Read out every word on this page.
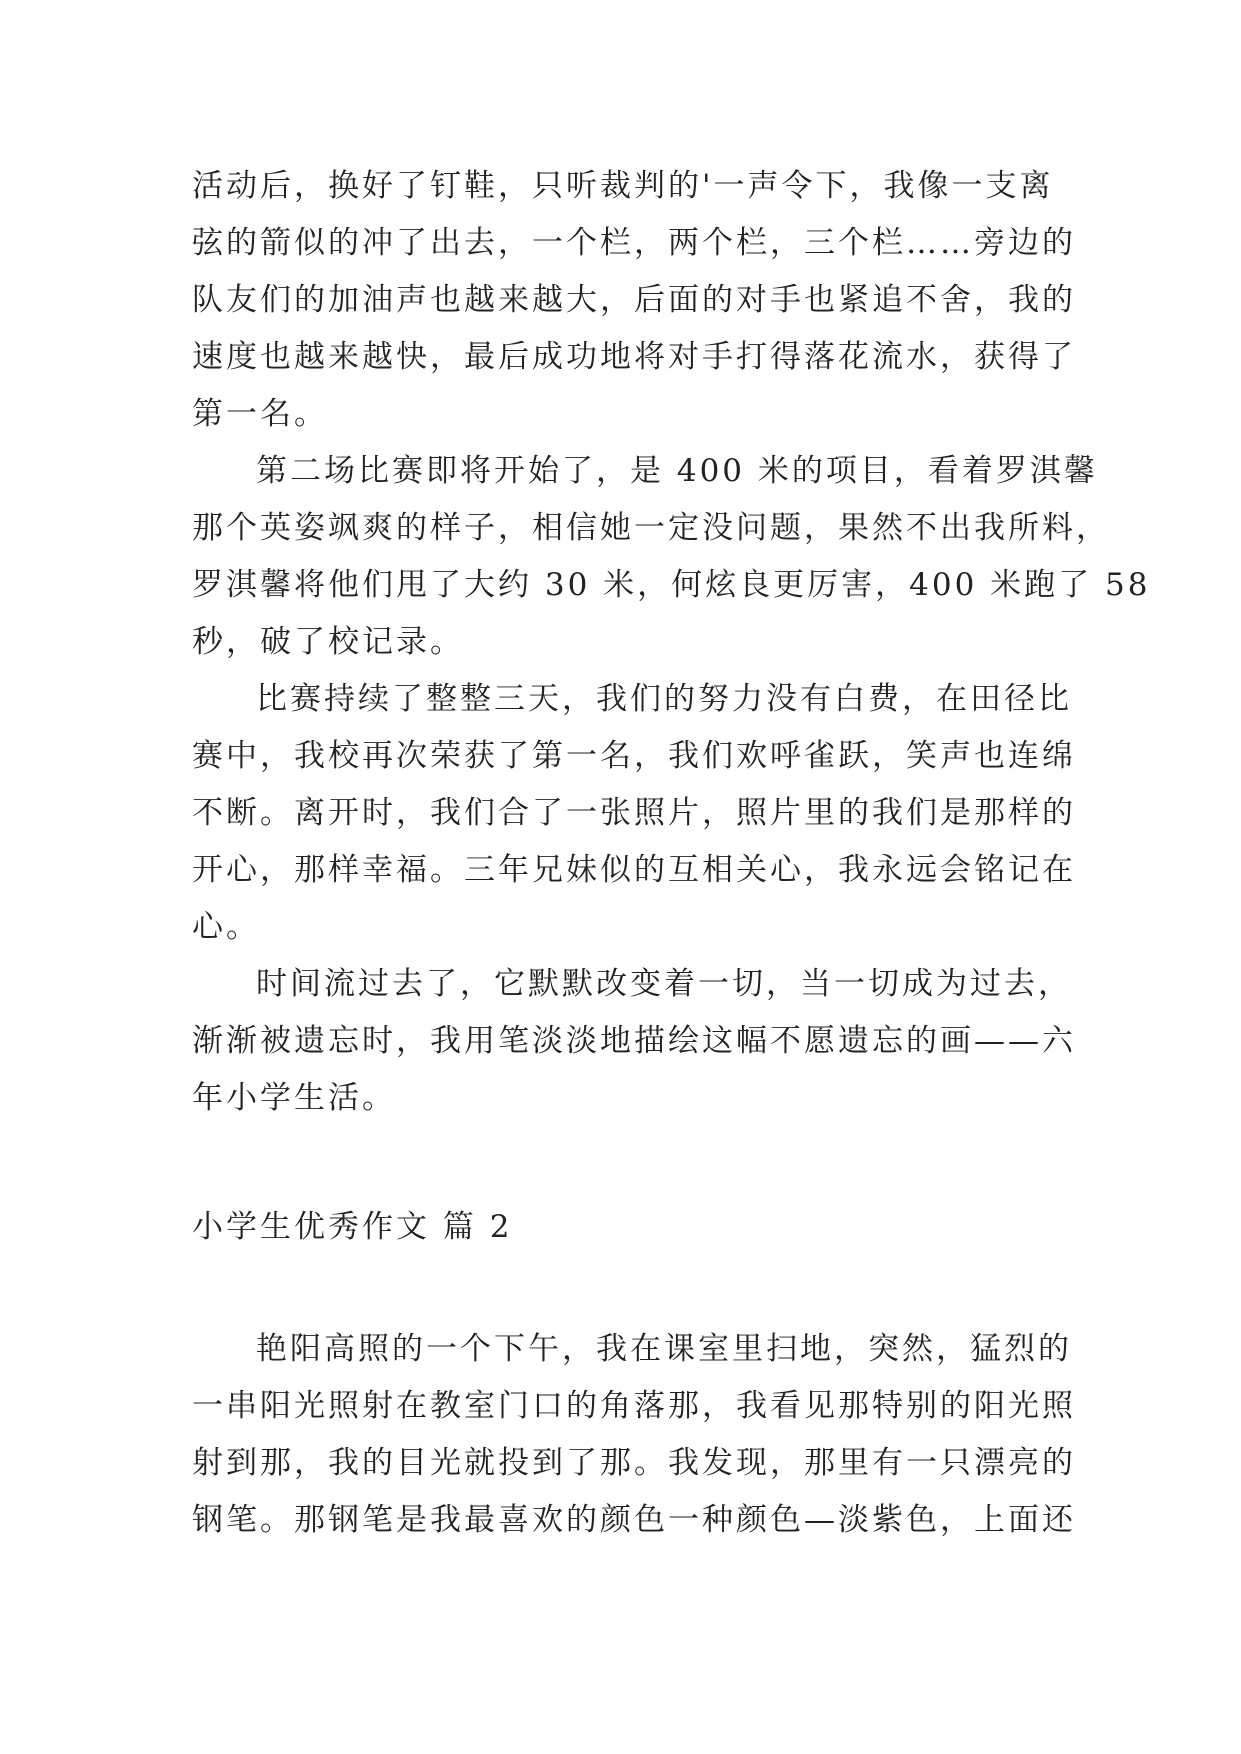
活动后，换好了钉鞋，只听裁判的'一声令下，我像一支离
弦的箭似的冲了出去，一个栏，两个栏，三个栏……旁边的
队友们的加油声也越来越大，后面的对手也紧追不舍，我的
速度也越来越快，最后成功地将对手打得落花流水，获得了
第一名。
第二场比赛即将开始了，是 400 米的项目，看着罗淇馨
那个英姿飒爽的样子，相信她一定没问题，果然不出我所料，
罗淇馨将他们甩了大约 30 米，何炫良更厉害，400 米跑了 58
秒，破了校记录。
比赛持续了整整三天，我们的努力没有白费，在田径比
赛中，我校再次荣获了第一名，我们欢呼雀跃，笑声也连绵
不断。离开时，我们合了一张照片，照片里的我们是那样的
开心，那样幸福。三年兄妹似的互相关心，我永远会铭记在
心。
时间流过去了，它默默改变着一切，当一切成为过去，
渐渐被遗忘时，我用笔淡淡地描绘这幅不愿遗忘的画——六
年小学生活。
小学生优秀作文 篇 2
艳阳高照的一个下午，我在课室里扫地，突然，猛烈的
一串阳光照射在教室门口的角落那，我看见那特别的阳光照
射到那，我的目光就投到了那。我发现，那里有一只漂亮的
钢笔。那钢笔是我最喜欢的颜色一种颜色—淡紫色，上面还
